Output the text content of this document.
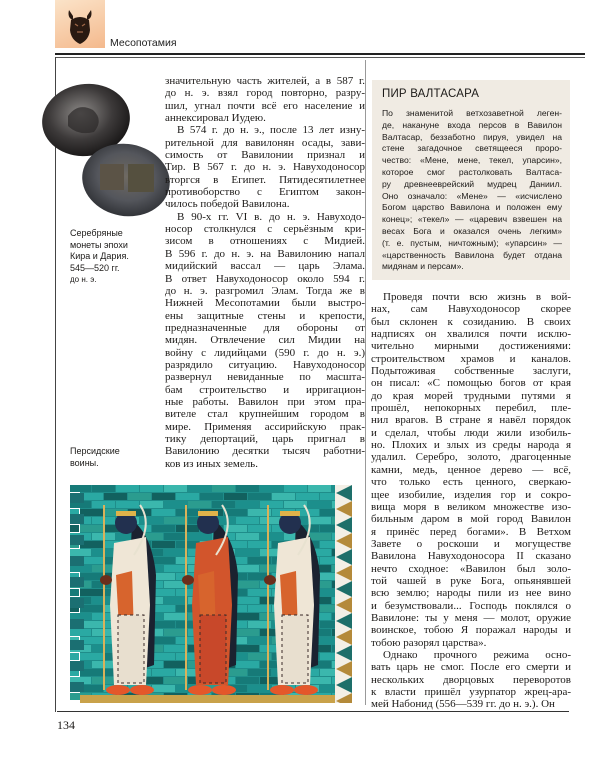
Месопотамия
134
Серебряные
монеты эпохи
Кира и Дария.
545—520 гг.
до н. э.
Персидские
воины.
значительную часть жителей, а в 587 г.
до н. э. взял город повторно, разру-
шил, угнал почти всё его население и
аннексировал Иудею.
В 574 г. до н. э., после 13 лет изну-
рительной для вавилонян осады, зави-
симость от Вавилонии признал и
Тир. В 567 г. до н. э. Навуходоносор
вторгся в Египет. Пятидесятилетнее
противоборство с Египтом закон-
чилось победой Вавилона.
В 90-х гг. VI в. до н. э. Навуходо-
носор столкнулся с серьёзным кри-
зисом в отношениях с Мидией.
В 596 г. до н. э. на Вавилонию напал
мидийский вассал — царь Элама.
В ответ Навуходоносор около 594 г.
до н. э. разгромил Элам. Тогда же в
Нижней Месопотамии были выстро-
ены защитные стены и крепости,
предназначенные для обороны от
мидян. Отвлечение сил Мидии на
войну с лидийцами (590 г. до н. э.)
разрядило ситуацию. Навуходоносор
развернул невиданные по масшта-
бам строительство и ирригацион-
ные работы. Вавилон при этом пра-
вителе стал крупнейшим городом в
мире. Применяя ассирийскую прак-
тику депортаций, царь пригнал в
Вавилонию десятки тысяч работни-
ков из иных земель.
ПИР ВАЛТАСАРА
По знаменитой ветхозаветной леген-
де, накануне входа персов в Вавилон
Валтасар, беззаботно пируя, увидел на
стене загадочное светящееся проро-
чество: «Мене, мене, текел, упарсин»,
которое смог растолковать Валтаса-
ру древнееврейский мудрец Даниил.
Оно означало: «Мене» — «исчислено
Богом царство Вавилона и положен ему
конец»; «текел» — «царевич взвешен на
весах Бога и оказался очень легким»
(т. е. пустым, ничтожным); «упарсин» —
«царственность Вавилона будет отдана
мидянам и персам».
Проведя почти всю жизнь в вой-
нах, сам Навуходоносор скорее
был склонен к созиданию. В своих
надписях он хвалился почти исклю-
чительно мирными достижениями:
строительством храмов и каналов.
Подытоживая собственные заслуги,
он писал: «С помощью богов от края
до края морей трудными путями я
прошёл, непокорных перебил, пле-
нил врагов. В стране я навёл порядок
и сделал, чтобы люди жили изобиль-
но. Плохих и злых из среды народа я
удалил. Серебро, золото, драгоценные
камни, медь, ценное дерево — всё,
что только есть ценного, сверкаю-
щее изобилие, изделия гор и сокро-
вища моря в великом множестве изо-
бильным даром в мой город Вавилон
я принёс перед богами». В Ветхом
Завете о роскоши и могуществе
Вавилона Навуходоносора II сказано
нечто сходное: «Вавилон был золо-
той чашей в руке Бога, опьянявшей
всю землю; народы пили из нее вино
и безумствовали... Господь поклялся о
Вавилоне: ты у меня — молот, оружие
воинское, тобою Я поражал народы и
тобою разорял царства».
Однако прочного режима осно-
вать царь не смог. После его смерти и
нескольких дворцовых переворотов
к власти пришёл узурпатор жрец-ара-
мей Набонид (556—539 гг. до н. э.). Он
